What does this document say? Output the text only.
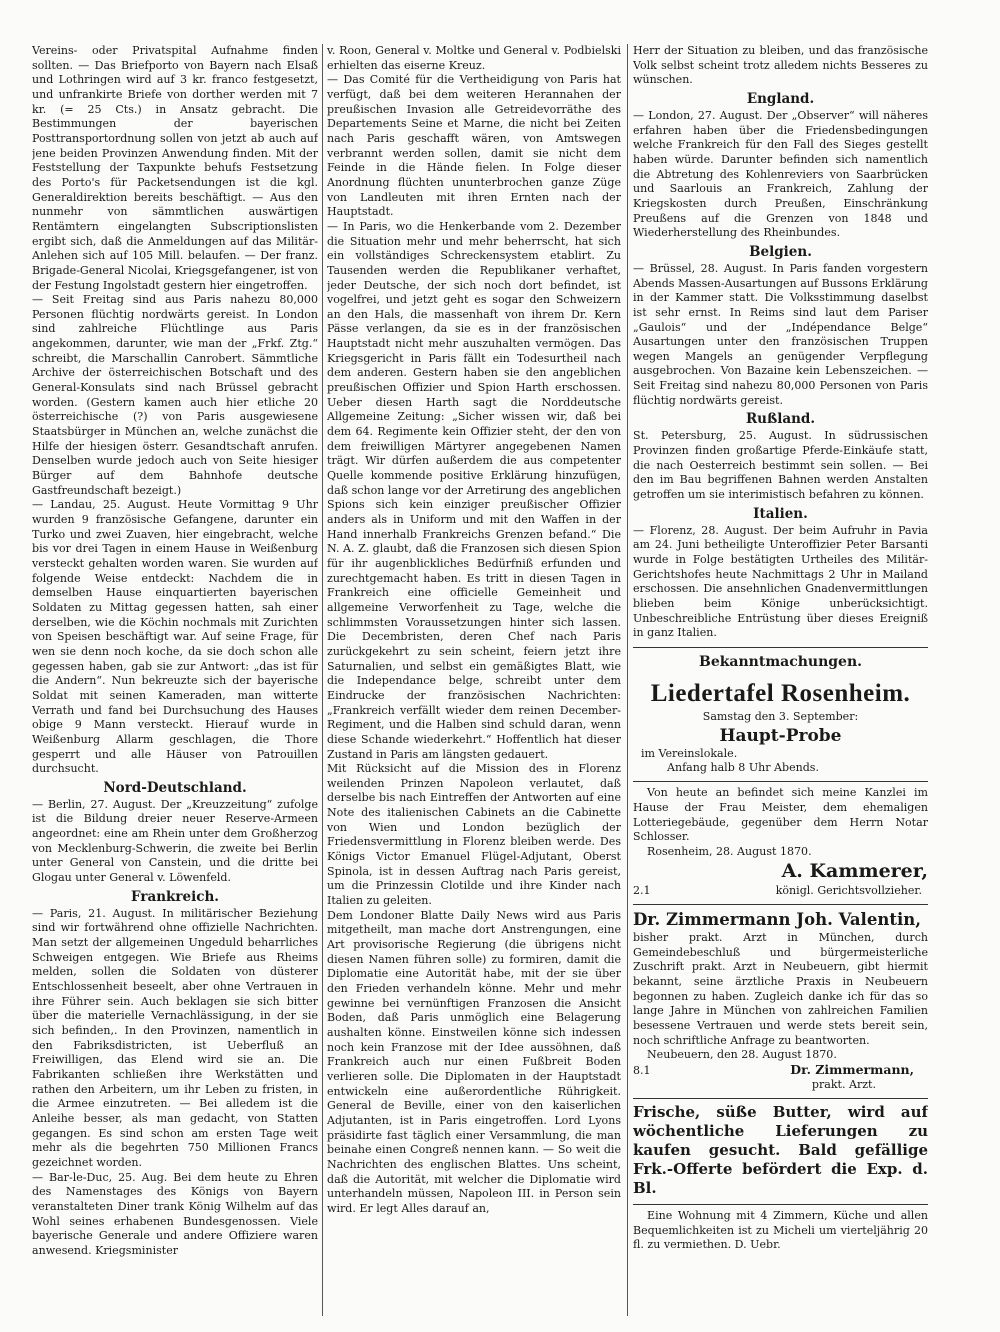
Vereins- oder Privatspital Aufnahme finden sollten. — Das Briefporto von Bayern nach Elsaß und Lothringen wird auf 3 kr. franco festgesetzt, und unfrankirte Briefe von dorther werden mit 7 kr. (= 25 Cts.) in Ansatz gebracht. Die Bestimmungen der bayerischen Posttransportordnung sollen von jetzt ab auch auf jene beiden Provinzen Anwendung finden. Mit der Feststellung der Taxpunkte behufs Festsetzung des Porto's für Packetsendungen ist die kgl. Generaldirektion bereits beschäftigt. — Aus den nunmehr von sämmtlichen auswärtigen Rentämtern eingelangten Subscriptionslisten ergibt sich, daß die Anmeldungen auf das Militär-Anlehen sich auf 105 Mill. belaufen. — Der franz. Brigade-General Nicolai, Kriegsgefangener, ist von der Festung Ingolstadt gestern hier eingetroffen.

— Seit Freitag sind aus Paris nahezu 80,000 Personen flüchtig nordwärts gereist. In London sind zahlreiche Flüchtlinge aus Paris angekommen, darunter, wie man der „Frkf. Ztg.“ schreibt, die Marschallin Canrobert. Sämmtliche Archive der österreichischen Botschaft und des General-Konsulats sind nach Brüssel gebracht worden. (Gestern kamen auch hier etliche 20 österreichische (?) von Paris ausgewiesene Staatsbürger in München an, welche zunächst die Hilfe der hiesigen österr. Gesandtschaft anrufen. Denselben wurde jedoch auch von Seite hiesiger Bürger auf dem Bahnhofe deutsche Gastfreundschaft bezeigt.)

— Landau, 25. August. Heute Vormittag 9 Uhr wurden 9 französische Gefangene, darunter ein Turko und zwei Zuaven, hier eingebracht, welche bis vor drei Tagen in einem Hause in Weißenburg versteckt gehalten worden waren. Sie wurden auf folgende Weise entdeckt: Nachdem die in demselben Hause einquartierten bayerischen Soldaten zu Mittag gegessen hatten, sah einer derselben, wie die Köchin nochmals mit Zurichten von Speisen beschäftigt war. Auf seine Frage, für wen sie denn noch koche, da sie doch schon alle gegessen haben, gab sie zur Antwort: „das ist für die Andern“. Nun bekreuzte sich der bayerische Soldat mit seinen Kameraden, man witterte Verrath und fand bei Durchsuchung des Hauses obige 9 Mann versteckt. Hierauf wurde in Weißenburg Allarm geschlagen, die Thore gesperrt und alle Häuser von Patrouillen durchsucht.

Nord-Deutschland.

— Berlin, 27. August. Der „Kreuzzeitung“ zufolge ist die Bildung dreier neuer Reserve-Armeen angeordnet: eine am Rhein unter dem Großherzog von Mecklenburg-Schwerin, die zweite bei Berlin unter General von Canstein, und die dritte bei Glogau unter General v. Löwenfeld.

Frankreich.

— Paris, 21. August. In militärischer Beziehung sind wir fortwährend ohne offizielle Nachrichten. Man setzt der allgemeinen Ungeduld beharrliches Schweigen entgegen. Wie Briefe aus Rheims melden, sollen die Soldaten von düsterer Entschlossenheit beseelt, aber ohne Vertrauen in ihre Führer sein. Auch beklagen sie sich bitter über die materielle Vernachlässigung, in der sie sich befinden,. In den Provinzen, namentlich in den Fabriksdistricten, ist Ueberfluß an Freiwilligen, das Elend wird sie an. Die Fabrikanten schließen ihre Werkstätten und rathen den Arbeitern, um ihr Leben zu fristen, in die Armee einzutreten. — Bei alledem ist die Anleihe besser, als man gedacht, von Statten gegangen. Es sind schon am ersten Tage weit mehr als die begehrten 750 Millionen Francs gezeichnet worden.

— Bar-le-Duc, 25. Aug. Bei dem heute zu Ehren des Namenstages des Königs von Bayern veranstalteten Diner trank König Wilhelm auf das Wohl seines erhabenen Bundesgenossen. Viele bayerische Generale und andere Offiziere waren anwesend. Kriegsminister

v. Roon, General v. Moltke und General v. Podbielski erhielten das eiserne Kreuz.

— Das Comité für die Vertheidigung von Paris hat verfügt, daß bei dem weiteren Herannahen der preußischen Invasion alle Getreidevorräthe des Departements Seine et Marne, die nicht bei Zeiten nach Paris geschafft wären, von Amtswegen verbrannt werden sollen, damit sie nicht dem Feinde in die Hände fielen. In Folge dieser Anordnung flüchten ununterbrochen ganze Züge von Landleuten mit ihren Ernten nach der Hauptstadt.

— In Paris, wo die Henkerbande vom 2. Dezember die Situation mehr und mehr beherrscht, hat sich ein vollständiges Schreckensystem etablirt. Zu Tausenden werden die Republikaner verhaftet, jeder Deutsche, der sich noch dort befindet, ist vogelfrei, und jetzt geht es sogar den Schweizern an den Hals, die massenhaft von ihrem Dr. Kern Pässe verlangen, da sie es in der französischen Hauptstadt nicht mehr auszuhalten vermögen. Das Kriegsgericht in Paris fällt ein Todesurtheil nach dem anderen. Gestern haben sie den angeblichen preußischen Offizier und Spion Harth erschossen. Ueber diesen Harth sagt die Norddeutsche Allgemeine Zeitung: „Sicher wissen wir, daß bei dem 64. Regimente kein Offizier steht, der den von dem freiwilligen Märtyrer angegebenen Namen trägt. Wir dürfen außerdem die aus competenter Quelle kommende positive Erklärung hinzufügen, daß schon lange vor der Arretirung des angeblichen Spions sich kein einziger preußischer Offizier anders als in Uniform und mit den Waffen in der Hand innerhalb Frankreichs Grenzen befand.“ Die N. A. Z. glaubt, daß die Franzosen sich diesen Spion für ihr augenblickliches Bedürfniß erfunden und zurechtgemacht haben. Es tritt in diesen Tagen in Frankreich eine officielle Gemeinheit und allgemeine Verworfenheit zu Tage, welche die schlimmsten Voraussetzungen hinter sich lassen. Die Decembristen, deren Chef nach Paris zurückgekehrt zu sein scheint, feiern jetzt ihre Saturnalien, und selbst ein gemäßigtes Blatt, wie die Independance belge, schreibt unter dem Eindrucke der französischen Nachrichten: „Frankreich verfällt wieder dem reinen December-Regiment, und die Halben sind schuld daran, wenn diese Schande wiederkehrt.“ Hoffentlich hat dieser Zustand in Paris am längsten gedauert.

Mit Rücksicht auf die Mission des in Florenz weilenden Prinzen Napoleon verlautet, daß derselbe bis nach Eintreffen der Antworten auf eine Note des italienischen Cabinets an die Cabinette von Wien und London bezüglich der Friedensvermittlung in Florenz bleiben werde. Des Königs Victor Emanuel Flügel-Adjutant, Oberst Spinola, ist in dessen Auftrag nach Paris gereist, um die Prinzessin Clotilde und ihre Kinder nach Italien zu geleiten.

Dem Londoner Blatte Daily News wird aus Paris mitgetheilt, man mache dort Anstrengungen, eine Art provisorische Regierung (die übrigens nicht diesen Namen führen solle) zu formiren, damit die Diplomatie eine Autorität habe, mit der sie über den Frieden verhandeln könne. Mehr und mehr gewinne bei vernünftigen Franzosen die Ansicht Boden, daß Paris unmöglich eine Belagerung aushalten könne. Einstweilen könne sich indessen noch kein Franzose mit der Idee aussöhnen, daß Frankreich auch nur einen Fußbreit Boden verlieren solle. Die Diplomaten in der Hauptstadt entwickeln eine außerordentliche Rührigkeit. General de Beville, einer von den kaiserlichen Adjutanten, ist in Paris eingetroffen. Lord Lyons präsidirte fast täglich einer Versammlung, die man beinahe einen Congreß nennen kann. — So weit die Nachrichten des englischen Blattes. Uns scheint, daß die Autorität, mit welcher die Diplomatie wird unterhandeln müssen, Napoleon III. in Person sein wird. Er legt Alles darauf an,

Herr der Situation zu bleiben, und das französische Volk selbst scheint trotz alledem nichts Besseres zu wünschen.

England.

— London, 27. August. Der „Observer“ will näheres erfahren haben über die Friedensbedingungen welche Frankreich für den Fall des Sieges gestellt haben würde. Darunter befinden sich namentlich die Abtretung des Kohlenreviers von Saarbrücken und Saarlouis an Frankreich, Zahlung der Kriegskosten durch Preußen, Einschränkung Preußens auf die Grenzen von 1848 und Wiederherstellung des Rheinbundes.

Belgien.

— Brüssel, 28. August. In Paris fanden vorgestern Abends Massen-Ausartungen auf Bussons Erklärung in der Kammer statt. Die Volksstimmung daselbst ist sehr ernst. In Reims sind laut dem Pariser „Gaulois“ und der „Indépendance Belge“ Ausartungen unter den französischen Truppen wegen Mangels an genügender Verpflegung ausgebrochen. Von Bazaine kein Lebenszeichen. — Seit Freitag sind nahezu 80,000 Personen von Paris flüchtig nordwärts gereist.

Rußland.

St. Petersburg, 25. August. In südrussischen Provinzen finden großartige Pferde-Einkäufe statt, die nach Oesterreich bestimmt sein sollen. — Bei den im Bau begriffenen Bahnen werden Anstalten getroffen um sie interimistisch befahren zu können.

Italien.

— Florenz, 28. August. Der beim Aufruhr in Pavia am 24. Juni betheiligte Unteroffizier Peter Barsanti wurde in Folge bestätigten Urtheiles des Militär-Gerichtshofes heute Nachmittags 2 Uhr in Mailand erschossen. Die ansehnlichen Gnadenvermittlungen blieben beim Könige unberücksichtigt. Unbeschreibliche Entrüstung über dieses Ereigniß in ganz Italien.

Bekanntmachungen.
Liedertafel Rosenheim.
Samstag den 3. September:
Haupt-Probe
im Vereinslokale.
Anfang halb 8 Uhr Abends.

Von heute an befindet sich meine Kanzlei im Hause der Frau Meister, dem ehemaligen Lotteriegebäude, gegenüber dem Herrn Notar Schlosser.

Rosenheim, 28. August 1870.
A. Kammerer,
2.1	königl. Gerichtsvollzieher.
Dr. Zimmermann Joh. Valentin,

bisher prakt. Arzt in München, durch Gemeindebeschluß und bürgermeisterliche Zuschrift prakt. Arzt in Neubeuern, gibt hiermit bekannt, seine ärztliche Praxis in Neubeuern begonnen zu haben. Zugleich danke ich für das so lange Jahre in München von zahlreichen Familien besessene Vertrauen und werde stets bereit sein, noch schriftliche Anfrage zu beantworten.

Neubeuern, den 28. August 1870.
8.1	Dr. Zimmermann,
prakt. Arzt.
Frische, süße Butter, wird auf wöchentliche Lieferungen zu kaufen gesucht. Bald gefällige Frk.-Offerte befördert die Exp. d. Bl.

Eine Wohnung mit 4 Zimmern, Küche und allen Bequemlichkeiten ist zu Micheli um vierteljährig 20 fl. zu vermiethen. D. Uebr.
